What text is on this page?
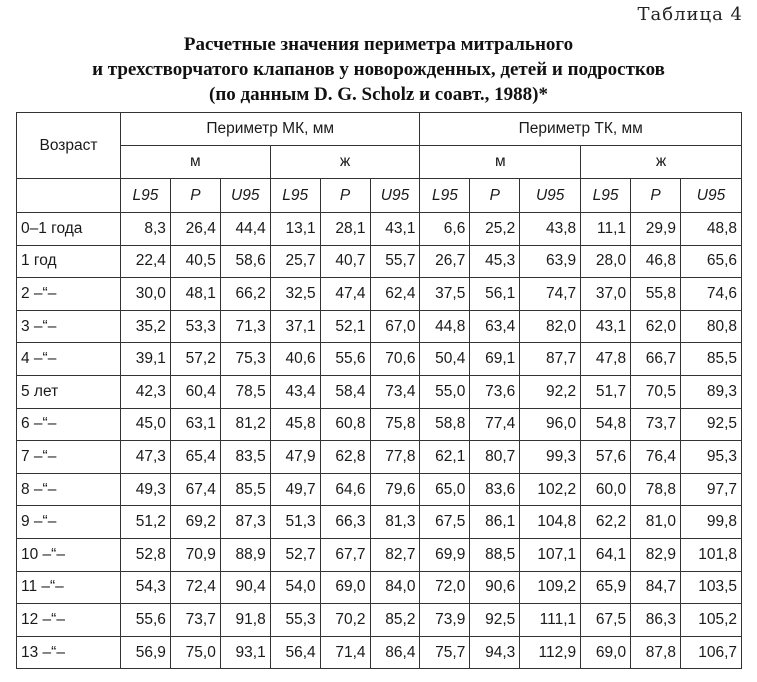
Таблица 4
Расчетные значения периметра митрального
и трехстворчатого клапанов у новорожденных, детей и подростков
(по данным D. G. Scholz и соавт., 1988)*
Возраст	Периметр МК, мм						Периметр ТК, мм					
	м			ж			м			ж		
	L95	P	U95	L95	P	U95	L95	P	U95	L95	P	U95
0–1 года	8,3	26,4	44,4	13,1	28,1	43,1	6,6	25,2	43,8	11,1	29,9	48,8
1 год	22,4	40,5	58,6	25,7	40,7	55,7	26,7	45,3	63,9	28,0	46,8	65,6
2 –“–	30,0	48,1	66,2	32,5	47,4	62,4	37,5	56,1	74,7	37,0	55,8	74,6
3 –“–	35,2	53,3	71,3	37,1	52,1	67,0	44,8	63,4	82,0	43,1	62,0	80,8
4 –“–	39,1	57,2	75,3	40,6	55,6	70,6	50,4	69,1	87,7	47,8	66,7	85,5
5 лет	42,3	60,4	78,5	43,4	58,4	73,4	55,0	73,6	92,2	51,7	70,5	89,3
6 –“–	45,0	63,1	81,2	45,8	60,8	75,8	58,8	77,4	96,0	54,8	73,7	92,5
7 –“–	47,3	65,4	83,5	47,9	62,8	77,8	62,1	80,7	99,3	57,6	76,4	95,3
8 –“–	49,3	67,4	85,5	49,7	64,6	79,6	65,0	83,6	102,2	60,0	78,8	97,7
9 –“–	51,2	69,2	87,3	51,3	66,3	81,3	67,5	86,1	104,8	62,2	81,0	99,8
10 –“–	52,8	70,9	88,9	52,7	67,7	82,7	69,9	88,5	107,1	64,1	82,9	101,8
11 –“–	54,3	72,4	90,4	54,0	69,0	84,0	72,0	90,6	109,2	65,9	84,7	103,5
12 –“–	55,6	73,7	91,8	55,3	70,2	85,2	73,9	92,5	111,1	67,5	86,3	105,2
13 –“–	56,9	75,0	93,1	56,4	71,4	86,4	75,7	94,3	112,9	69,0	87,8	106,7
